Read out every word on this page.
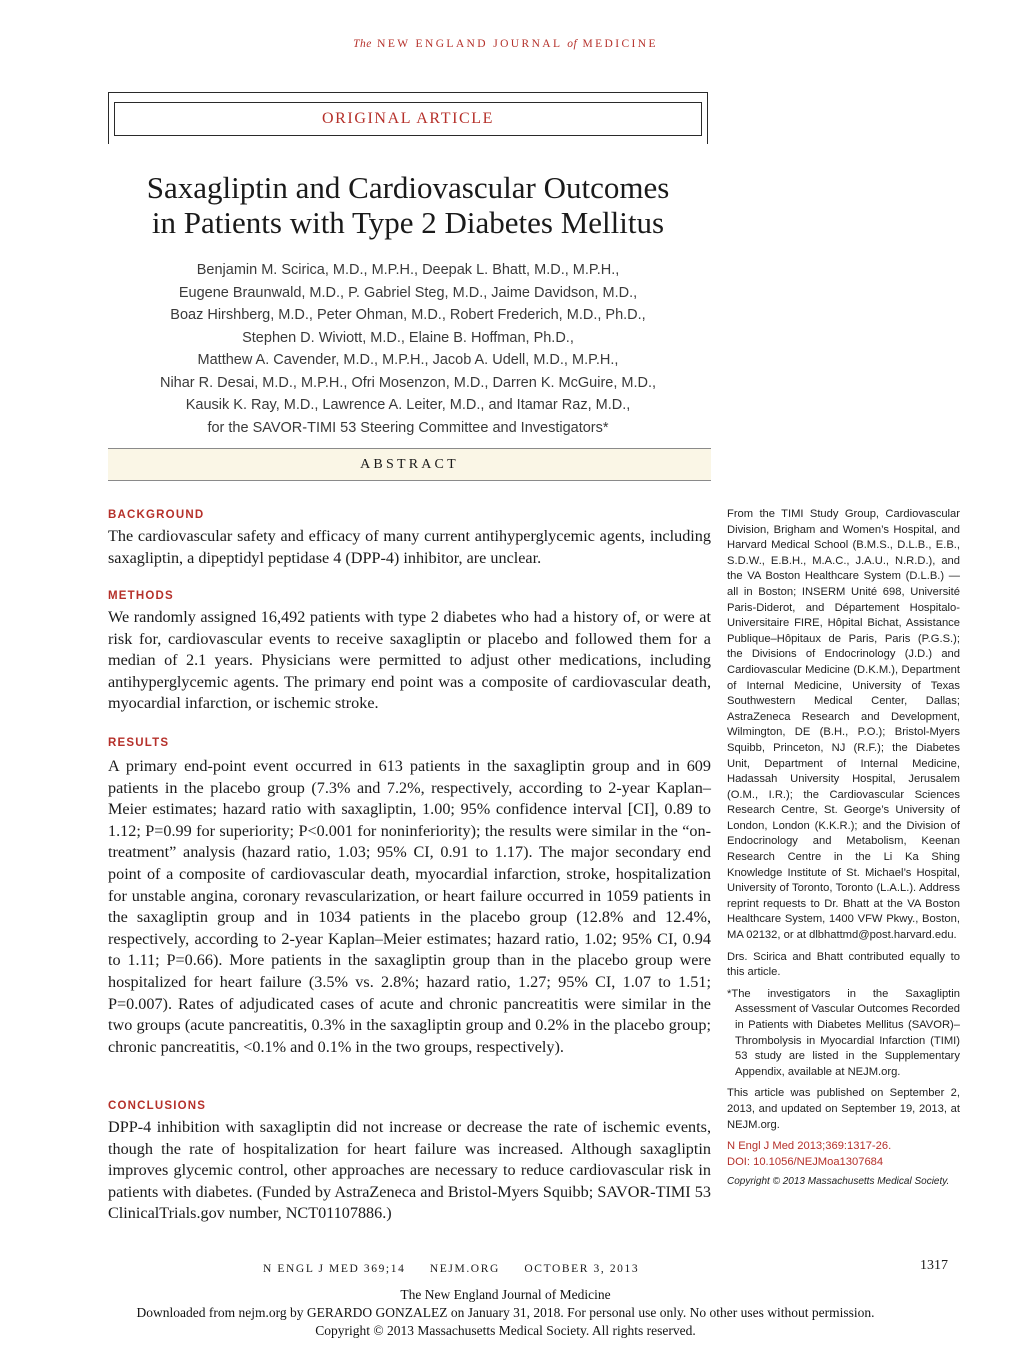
The NEW ENGLAND JOURNAL of MEDICINE
ORIGINAL ARTICLE
Saxagliptin and Cardiovascular Outcomes
in Patients with Type 2 Diabetes Mellitus
Benjamin M. Scirica, M.D., M.P.H., Deepak L. Bhatt, M.D., M.P.H.,
Eugene Braunwald, M.D., P. Gabriel Steg, M.D., Jaime Davidson, M.D.,
Boaz Hirshberg, M.D., Peter Ohman, M.D., Robert Frederich, M.D., Ph.D.,
Stephen D. Wiviott, M.D., Elaine B. Hoffman, Ph.D.,
Matthew A. Cavender, M.D., M.P.H., Jacob A. Udell, M.D., M.P.H.,
Nihar R. Desai, M.D., M.P.H., Ofri Mosenzon, M.D., Darren K. McGuire, M.D.,
Kausik K. Ray, M.D., Lawrence A. Leiter, M.D., and Itamar Raz, M.D.,
for the SAVOR-TIMI 53 Steering Committee and Investigators*
ABSTRACT
BACKGROUND
The cardiovascular safety and efficacy of many current antihyperglycemic agents, including saxagliptin, a dipeptidyl peptidase 4 (DPP-4) inhibitor, are unclear.
METHODS
We randomly assigned 16,492 patients with type 2 diabetes who had a history of, or were at risk for, cardiovascular events to receive saxagliptin or placebo and followed them for a median of 2.1 years. Physicians were permitted to adjust other medications, including antihyperglycemic agents. The primary end point was a composite of cardiovascular death, myocardial infarction, or ischemic stroke.
RESULTS
A primary end-point event occurred in 613 patients in the saxagliptin group and in 609 patients in the placebo group (7.3% and 7.2%, respectively, according to 2-year Kaplan–Meier estimates; hazard ratio with saxagliptin, 1.00; 95% confidence interval [CI], 0.89 to 1.12; P=0.99 for superiority; P<0.001 for noninferiority); the results were similar in the “on-treatment” analysis (hazard ratio, 1.03; 95% CI, 0.91 to 1.17). The major secondary end point of a composite of cardiovascular death, myocardial infarction, stroke, hospitalization for unstable angina, coronary revascularization, or heart failure occurred in 1059 patients in the saxagliptin group and in 1034 patients in the placebo group (12.8% and 12.4%, respectively, according to 2-year Kaplan–Meier estimates; hazard ratio, 1.02; 95% CI, 0.94 to 1.11; P=0.66). More patients in the saxagliptin group than in the placebo group were hospitalized for heart failure (3.5% vs. 2.8%; hazard ratio, 1.27; 95% CI, 1.07 to 1.51; P=0.007). Rates of adjudicated cases of acute and chronic pancreatitis were similar in the two groups (acute pancreatitis, 0.3% in the saxagliptin group and 0.2% in the placebo group; chronic pancreatitis, <0.1% and 0.1% in the two groups, respectively).
CONCLUSIONS
DPP-4 inhibition with saxagliptin did not increase or decrease the rate of ischemic events, though the rate of hospitalization for heart failure was increased. Although saxagliptin improves glycemic control, other approaches are necessary to reduce cardiovascular risk in patients with diabetes. (Funded by AstraZeneca and Bristol-Myers Squibb; SAVOR-TIMI 53 ClinicalTrials.gov number, NCT01107886.)

From the TIMI Study Group, Cardiovascular Division, Brigham and Women’s Hospital, and Harvard Medical School (B.M.S., D.L.B., E.B., S.D.W., E.B.H., M.A.C., J.A.U., N.R.D.), and the VA Boston Healthcare System (D.L.B.) — all in Boston; INSERM Unité 698, Université Paris-Diderot, and Département Hospitalo-Universitaire FIRE, Hôpital Bichat, Assistance Publique–Hôpitaux de Paris, Paris (P.G.S.); the Divisions of Endocrinology (J.D.) and Cardiovascular Medicine (D.K.M.), Department of Internal Medicine, University of Texas Southwestern Medical Center, Dallas; AstraZeneca Research and Development, Wilmington, DE (B.H., P.O.); Bristol-Myers Squibb, Princeton, NJ (R.F.); the Diabetes Unit, Department of Internal Medicine, Hadassah University Hospital, Jerusalem (O.M., I.R.); the Cardiovascular Sciences Research Centre, St. George’s University of London, London (K.K.R.); and the Division of Endocrinology and Metabolism, Keenan Research Centre in the Li Ka Shing Knowledge Institute of St. Michael’s Hospital, University of Toronto, Toronto (L.A.L.). Address reprint requests to Dr. Bhatt at the VA Boston Healthcare System, 1400 VFW Pkwy., Boston, MA 02132, or at dlbhattmd@post.harvard.edu.

Drs. Scirica and Bhatt contributed equally to this article.

*The investigators in the Saxagliptin Assessment of Vascular Outcomes Recorded in Patients with Diabetes Mellitus (SAVOR)–Thrombolysis in Myocardial Infarction (TIMI) 53 study are listed in the Supplementary Appendix, available at NEJM.org.

This article was published on September 2, 2013, and updated on September 19, 2013, at NEJM.org.

N Engl J Med 2013;369:1317-26.

DOI: 10.1056/NEJMoa1307684

Copyright © 2013 Massachusetts Medical Society.

N ENGL J MED 369;14 NEJM.ORG OCTOBER 3, 2013	1317
The New England Journal of Medicine
Downloaded from nejm.org by GERARDO GONZALEZ on January 31, 2018. For personal use only. No other uses without permission.
Copyright © 2013 Massachusetts Medical Society. All rights reserved.
